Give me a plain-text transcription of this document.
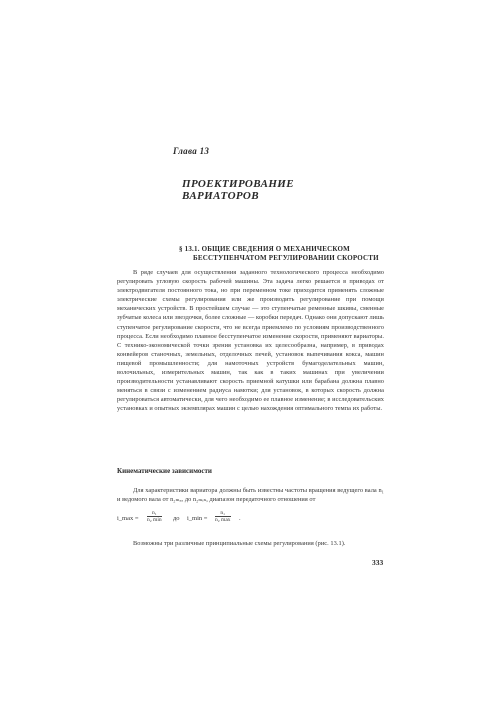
Глава 13
ПРОЕКТИРОВАНИЕ
ВАРИАТОРОВ
§ 13.1. ОБЩИЕ СВЕДЕНИЯ О МЕХАНИЧЕСКОМ
БЕССТУПЕНЧАТОМ РЕГУЛИРОВАНИИ СКОРОСТИ
В ряде случаев для осуществления заданного технологического процесса необходимо регулировать угловую скорость рабочей машины. Эта задача легко решается в приводах от электродвигателя постоянного тока, но при переменном токе приходится применять сложные электрические схемы регулирования или же производить регулирование при помощи механических устройств. В простейшем случае — это ступенчатые ременные шкивы, сменные зубчатые колеса или звездочки, более сложные — коробки передач. Однако они допускают лишь ступенчатое регулирование скорости, что не всегда приемлемо по условиям производственного процесса. Если необходимо плавное бесступенчатое изменение скорости, применяют вариаторы. С технико-экономической точки зрения установка их целесообразна, например, в приводах конвейеров станочных, земельных, отделочных печей, установок выпечивания кокса, машин пищевой промышленности; для намоточных устройств бумагоделательных машин, волочильных, измерительных машин, так как в таких машинах при увеличении производительности устанавливают скорость приемной катушки или барабана должна плавно меняться в связи с изменением радиуса намотки; для установок, в которых скорость должна регулироваться автоматически, для чего необходимо ее плавное изменение; в исследовательских установках и опытных экземплярах машин с целью нахождения оптимального темпа их работы.
Кинематические зависимости
Для характеристики вариатора должны быть известны частоты вращения ведущего вала n₁ и ведомого вала от n₂ₘₐₓ до n₂ₘᵢₙ, диапазон передаточного отношения от
i_max =
n₁
n₂ min до i_min =
n₁
n₂ max .
Возможны три различные принципиальные схемы регулирования (рис. 13.1).
333
